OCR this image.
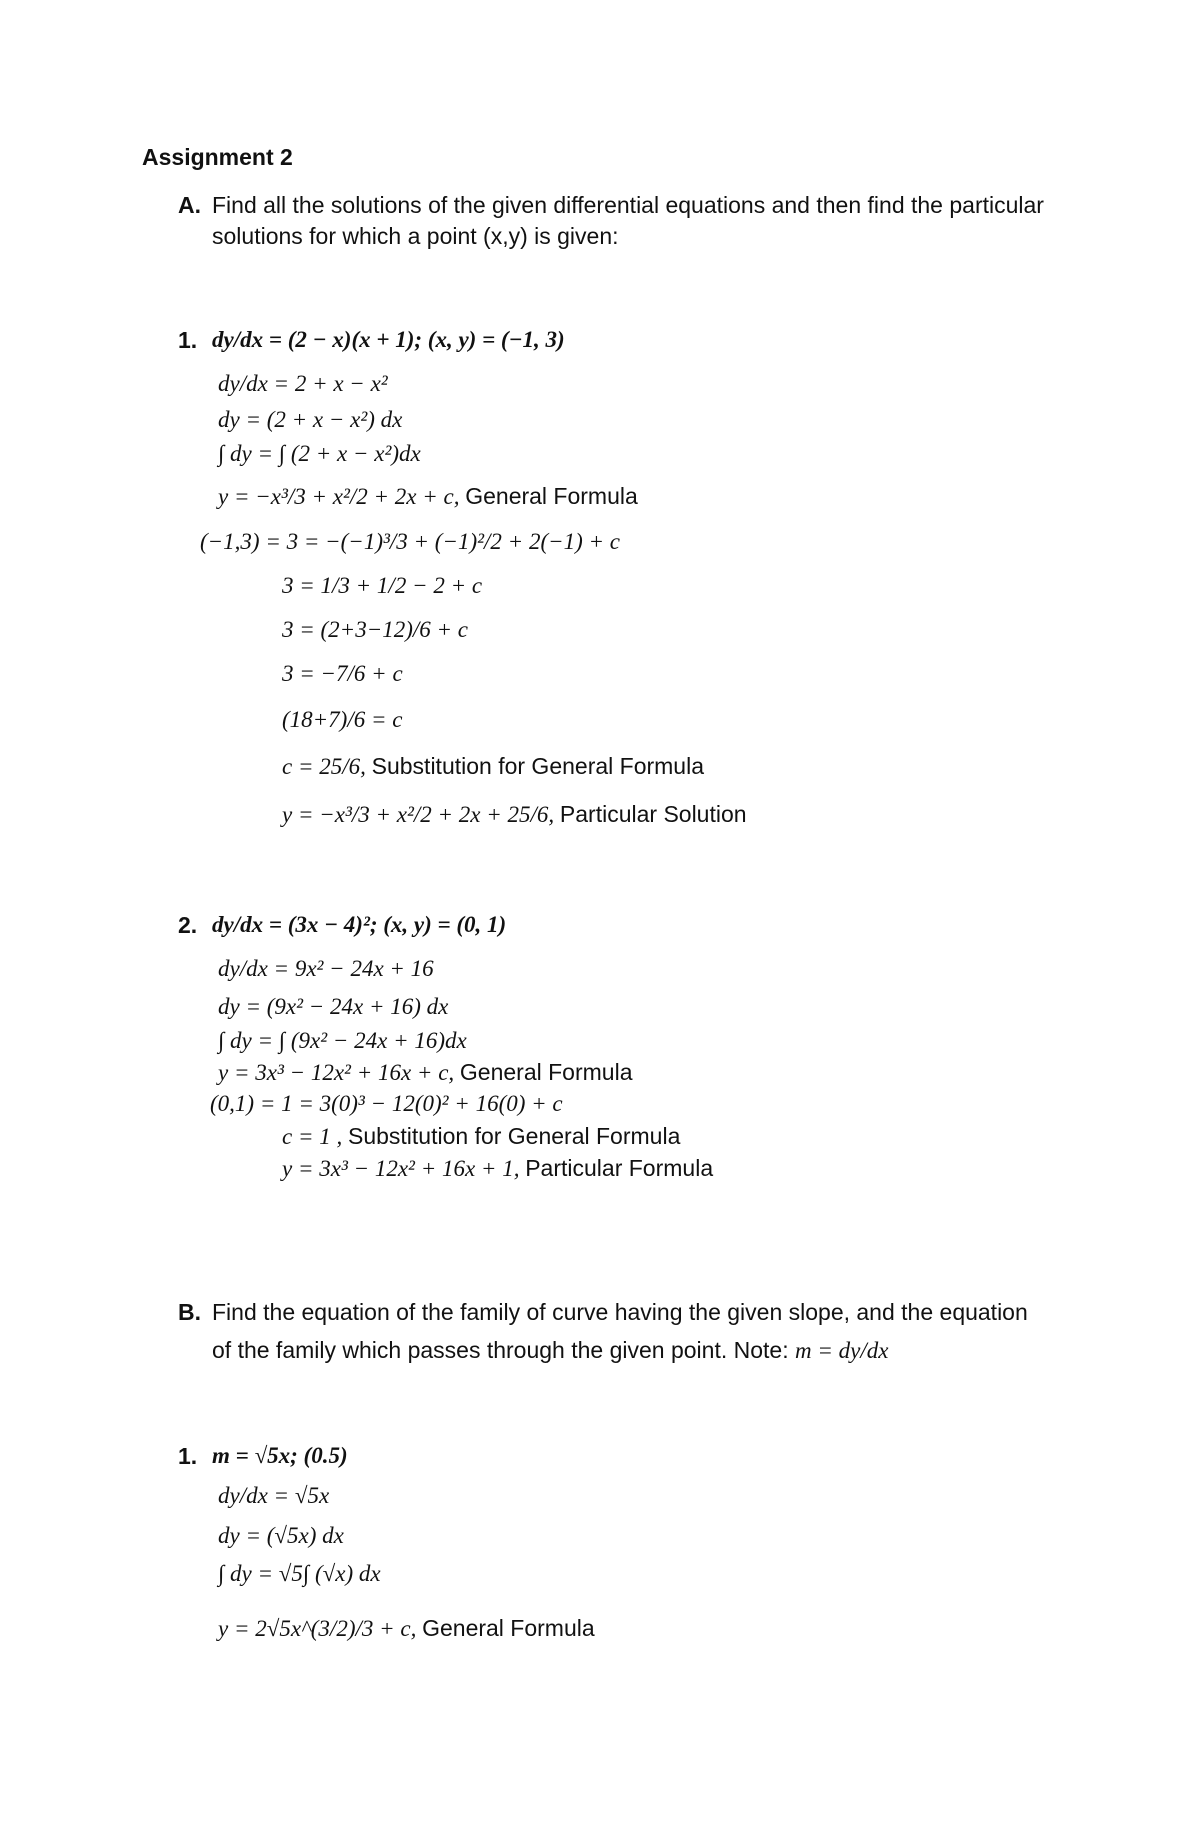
Assignment 2
A. Find all the solutions of the given differential equations and then find the particular
solutions for which a point (x,y) is given:
1. dy/dx = (2 − x)(x + 1); (x, y) = (−1, 3)
dy/dx = 2 + x − x²
dy = (2 + x − x²) dx
∫ dy = ∫ (2 + x − x²)dx
y = −x³/3 + x²/2 + 2x + c, General Formula
(−1,3) = 3 = −(−1)³/3 + (−1)²/2 + 2(−1) + c
3 = 1/3 + 1/2 − 2 + c
3 = (2+3−12)/6 + c
3 = −7/6 + c
(18+7)/6 = c
c = 25/6, Substitution for General Formula
y = −x³/3 + x²/2 + 2x + 25/6, Particular Solution
2. dy/dx = (3x − 4)²; (x, y) = (0, 1)
dy/dx = 9x² − 24x + 16
dy = (9x² − 24x + 16) dx
∫ dy = ∫ (9x² − 24x + 16)dx
y = 3x³ − 12x² + 16x + c, General Formula
(0,1) = 1 = 3(0)³ − 12(0)² + 16(0) + c
c = 1 , Substitution for General Formula
y = 3x³ − 12x² + 16x + 1, Particular Formula
B. Find the equation of the family of curve having the given slope, and the equation
of the family which passes through the given point. Note: m = dy/dx
1. m = √5x; (0.5)
dy/dx = √5x
dy = (√5x) dx
∫ dy = √5∫ (√x) dx
y = 2√5x^(3/2)/3 + c, General Formula
